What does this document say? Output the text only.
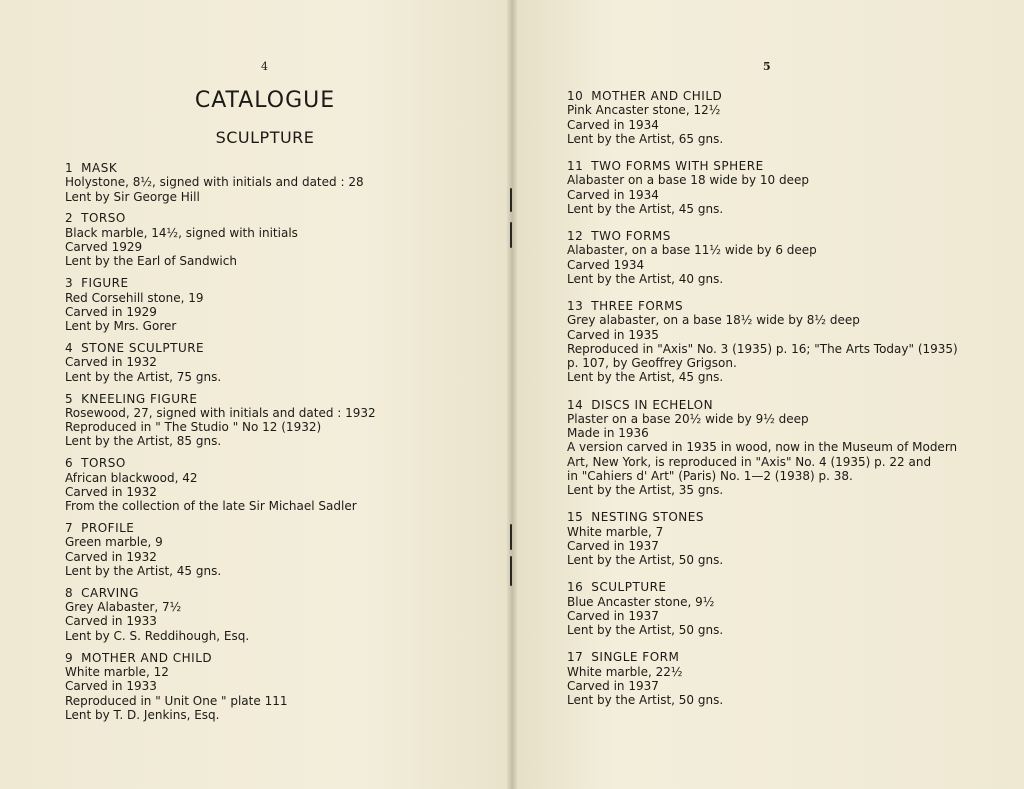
4
CATALOGUE
SCULPTURE
1 MASK
Holystone, 8½, signed with initials and dated : 28
Lent by Sir George Hill
2 TORSO
Black marble, 14½, signed with initials
Carved 1929
Lent by the Earl of Sandwich
3 FIGURE
Red Corsehill stone, 19
Carved in 1929
Lent by Mrs. Gorer
4 STONE SCULPTURE
Carved in 1932
Lent by the Artist, 75 gns.
5 KNEELING FIGURE
Rosewood, 27, signed with initials and dated : 1932
Reproduced in " The Studio " No 12 (1932)
Lent by the Artist, 85 gns.
6 TORSO
African blackwood, 42
Carved in 1932
From the collection of the late Sir Michael Sadler
7 PROFILE
Green marble, 9
Carved in 1932
Lent by the Artist, 45 gns.
8 CARVING
Grey Alabaster, 7½
Carved in 1933
Lent by C. S. Reddihough, Esq.
9 MOTHER AND CHILD
White marble, 12
Carved in 1933
Reproduced in " Unit One " plate 111
Lent by T. D. Jenkins, Esq.
5
10 MOTHER AND CHILD
Pink Ancaster stone, 12½
Carved in 1934
Lent by the Artist, 65 gns.
11 TWO FORMS WITH SPHERE
Alabaster on a base 18 wide by 10 deep
Carved in 1934
Lent by the Artist, 45 gns.
12 TWO FORMS
Alabaster, on a base 11½ wide by 6 deep
Carved 1934
Lent by the Artist, 40 gns.
13 THREE FORMS
Grey alabaster, on a base 18½ wide by 8½ deep
Carved in 1935
Reproduced in "Axis" No. 3 (1935) p. 16; "The Arts Today" (1935)
p. 107, by Geoffrey Grigson.
Lent by the Artist, 45 gns.
14 DISCS IN ECHELON
Plaster on a base 20½ wide by 9½ deep
Made in 1936
A version carved in 1935 in wood, now in the Museum of Modern
Art, New York, is reproduced in "Axis" No. 4 (1935) p. 22 and
in "Cahiers d' Art" (Paris) No. 1—2 (1938) p. 38.
Lent by the Artist, 35 gns.
15 NESTING STONES
White marble, 7
Carved in 1937
Lent by the Artist, 50 gns.
16 SCULPTURE
Blue Ancaster stone, 9½
Carved in 1937
Lent by the Artist, 50 gns.
17 SINGLE FORM
White marble, 22½
Carved in 1937
Lent by the Artist, 50 gns.
